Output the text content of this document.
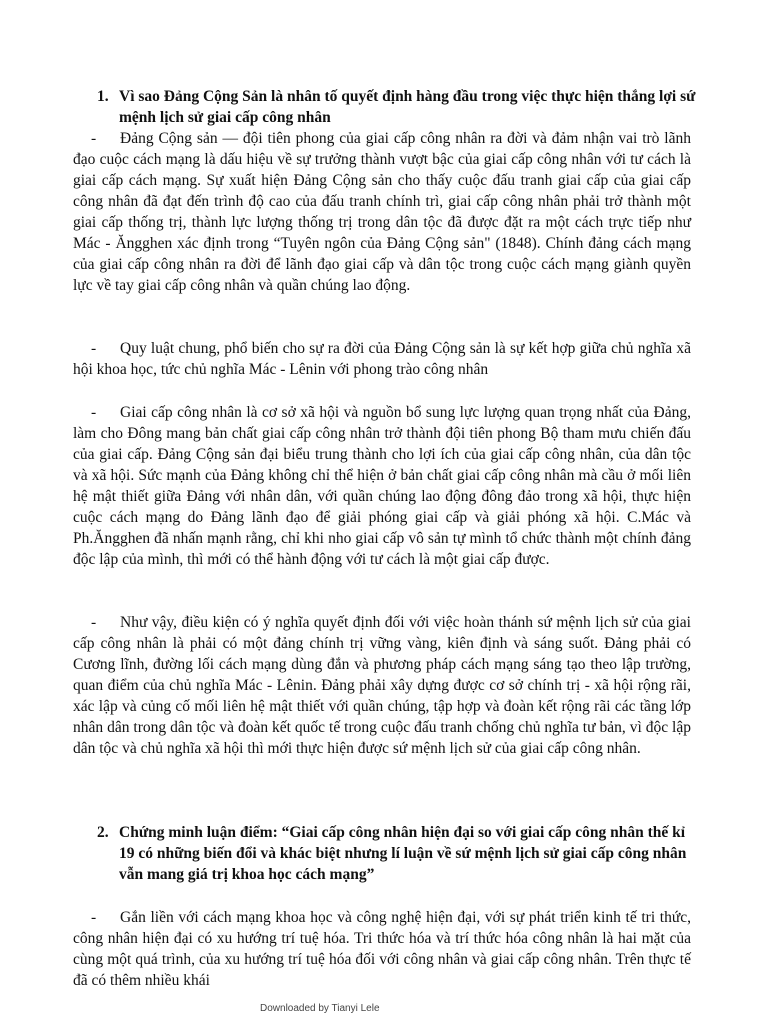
1. Vì sao Đảng Cộng Sản là nhân tố quyết định hàng đầu trong việc thực hiện thắng lợi sứ mệnh lịch sử giai cấp công nhân
-	Đảng Cộng sản — đội tiên phong của giai cấp công nhân ra đời và đảm nhận vai trò lãnh đạo cuộc cách mạng là dấu hiệu về sự trưởng thành vượt bậc của giai cấp công nhân với tư cách là giai cấp cách mạng. Sự xuất hiện Đảng Cộng sản cho thấy cuộc đấu tranh giai cấp của giai cấp công nhân đã đạt đến trình độ cao của đấu tranh chính trì, giai cấp công nhân phải trở thành một giai cấp thống trị, thành lực lượng thống trị trong dân tộc đã được đặt ra một cách trực tiếp như Mác - Ăngghen xác định trong “Tuyên ngôn của Đảng Cộng sản" (1848). Chính đảng cách mạng của giai cấp công nhân ra đời để lãnh đạo giai cấp và dân tộc trong cuộc cách mạng giành quyền lực về tay giai cấp công nhân và quần chúng lao động.
-	Quy luật chung, phổ biến cho sự ra đời của Đảng Cộng sản là sự kết hợp giữa chủ nghĩa xã hội khoa học, tức chủ nghĩa Mác - Lênin với phong trào công nhân
-	Giai cấp công nhân là cơ sở xã hội và nguồn bổ sung lực lượng quan trọng nhất của Đảng, làm cho Đông mang bản chất giai cấp công nhân trở thành đội tiên phong Bộ tham mưu chiến đấu của giai cấp. Đảng Cộng sản đại biểu trung thành cho lợi ích của giai cấp công nhân, của dân tộc và xã hội. Sức mạnh của Đảng không chỉ thể hiện ở bản chất giai cấp công nhân mà cầu ở mối liên hệ mật thiết giữa Đảng với nhân dân, với quần chúng lao động đông đảo trong xã hội, thực hiện cuộc cách mạng do Đảng lãnh đạo để giải phóng giai cấp và giải phóng xã hội. C.Mác và Ph.Ăngghen đã nhấn mạnh rằng, chỉ khi nho giai cấp vô sản tự mình tổ chức thành một chính đảng độc lập của mình, thì mới có thể hành động với tư cách là một giai cấp được.
-	Như vậy, điều kiện có ý nghĩa quyết định đối với việc hoàn thánh sứ mệnh lịch sử của giai cấp công nhân là phải có một đảng chính trị vững vàng, kiên định và sáng suốt. Đảng phải có Cương lĩnh, đường lối cách mạng dùng đắn và phương pháp cách mạng sáng tạo theo lập trường, quan điểm của chủ nghĩa Mác - Lênin. Đảng phải xây dựng được cơ sở chính trị - xã hội rộng rãi, xác lập và củng cố mối liên hệ mật thiết với quần chúng, tập hợp và đoàn kết rộng rãi các tầng lớp nhân dân trong dân tộc và đoàn kết quốc tế trong cuộc đấu tranh chống chủ nghĩa tư bản, vì độc lập dân tộc và chủ nghĩa xã hội thì mới thực hiện được sứ mệnh lịch sử của giai cấp công nhân.
2. Chứng minh luận điểm: “Giai cấp công nhân hiện đại so với giai cấp công nhân thế kỉ 19 có những biến đổi và khác biệt nhưng lí luận về sứ mệnh lịch sử giai cấp công nhân vẫn mang giá trị khoa học cách mạng”
-	Gắn liền với cách mạng khoa học và công nghệ hiện đại, với sự phát triển kinh tế tri thức, công nhân hiện đại có xu hướng trí tuệ hóa. Tri thức hóa và trí thức hóa công nhân là hai mặt của cùng một quá trình, của xu hướng trí tuệ hóa đối với công nhân và giai cấp công nhân. Trên thực tế đã có thêm nhiều khái
Downloaded by Tianyi Lele
